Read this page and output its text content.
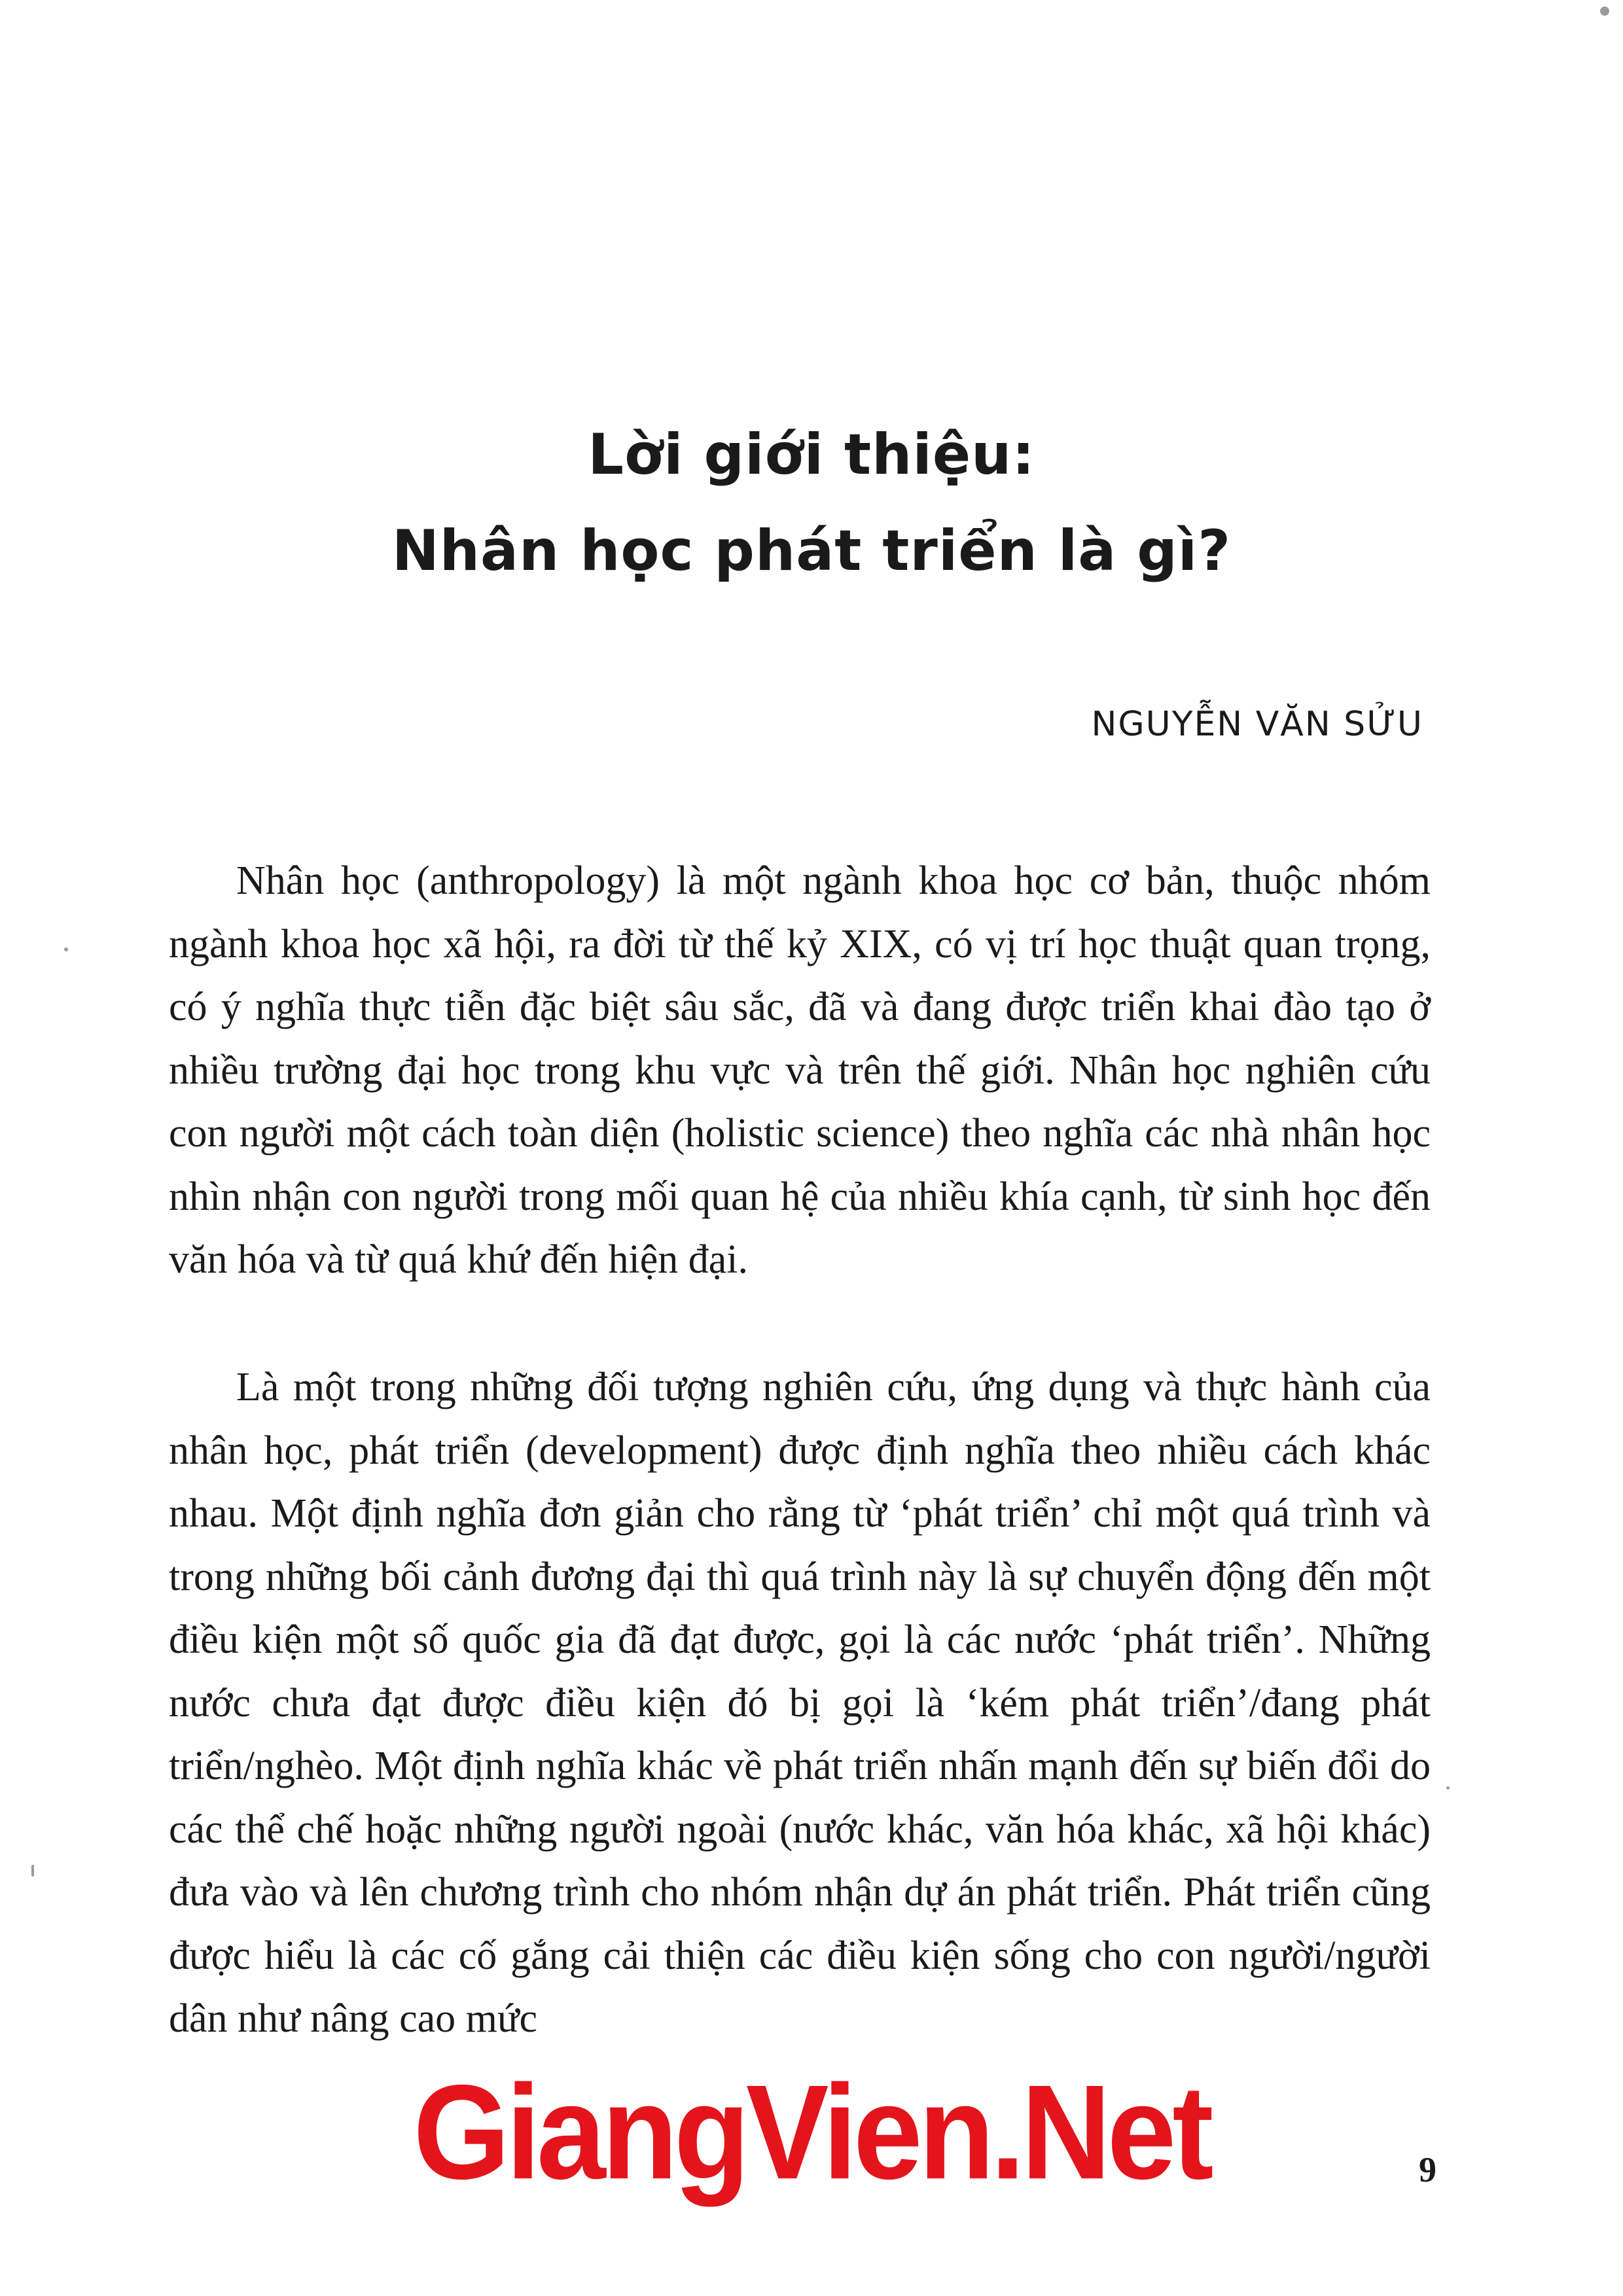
Lời giới thiệu:
Nhân học phát triển là gì?
NGUYỄN VĂN SỬU

Nhân học (anthropology) là một ngành khoa học cơ bản, thuộc nhóm ngành khoa học xã hội, ra đời từ thế kỷ XIX, có vị trí học thuật quan trọng, có ý nghĩa thực tiễn đặc biệt sâu sắc, đã và đang được triển khai đào tạo ở nhiều trường đại học trong khu vực và trên thế giới. Nhân học nghiên cứu con người một cách toàn diện (holistic science) theo nghĩa các nhà nhân học nhìn nhận con người trong mối quan hệ của nhiều khía cạnh, từ sinh học đến văn hóa và từ quá khứ đến hiện đại.

Là một trong những đối tượng nghiên cứu, ứng dụng và thực hành của nhân học, phát triển (development) được định nghĩa theo nhiều cách khác nhau. Một định nghĩa đơn giản cho rằng từ ‘phát triển’ chỉ một quá trình và trong những bối cảnh đương đại thì quá trình này là sự chuyển động đến một điều kiện một số quốc gia đã đạt được, gọi là các nước ‘phát triển’. Những nước chưa đạt được điều kiện đó bị gọi là ‘kém phát triển’/đang phát triển/nghèo. Một định nghĩa khác về phát triển nhấn mạnh đến sự biến đổi do các thể chế hoặc những người ngoài (nước khác, văn hóa khác, xã hội khác) đưa vào và lên chương trình cho nhóm nhận dự án phát triển. Phát triển cũng được hiểu là các cố gắng cải thiện các điều kiện sống cho con người/người dân như nâng cao mức

GiangVien.Net	9
